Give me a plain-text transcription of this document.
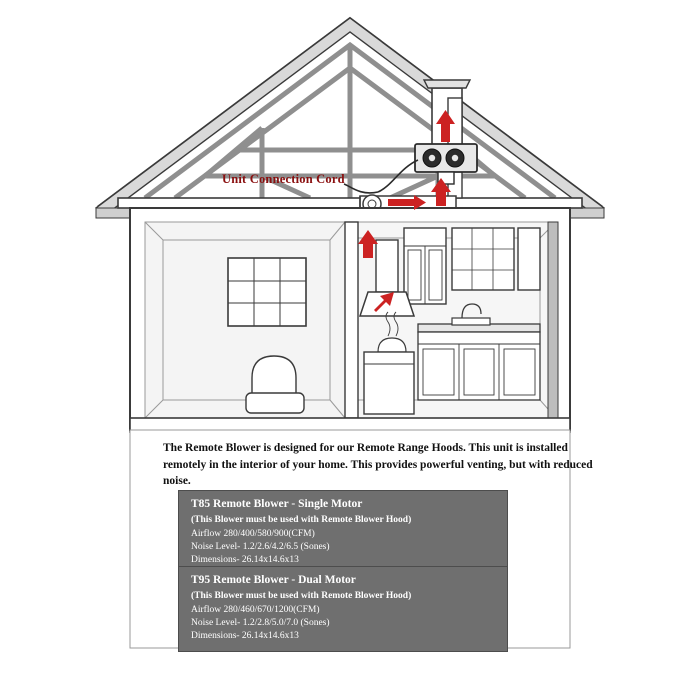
Unit Connection Cord
The Remote Blower is designed for our Remote Range Hoods. This unit is installed remotely in the interior of your home. This provides powerful venting, but with reduced noise.
T85 Remote Blower - Single Motor
(This Blower must be used with Remote Blower Hood)
Airflow 280/400/580/900(CFM)
Noise Level- 1.2/2.6/4.2/6.5 (Sones)
Dimensions- 26.14x14.6x13
T95 Remote Blower - Dual Motor
(This Blower must be used with Remote Blower Hood)
Airflow 280/460/670/1200(CFM)
Noise Level- 1.2/2.8/5.0/7.0 (Sones)
Dimensions- 26.14x14.6x13
